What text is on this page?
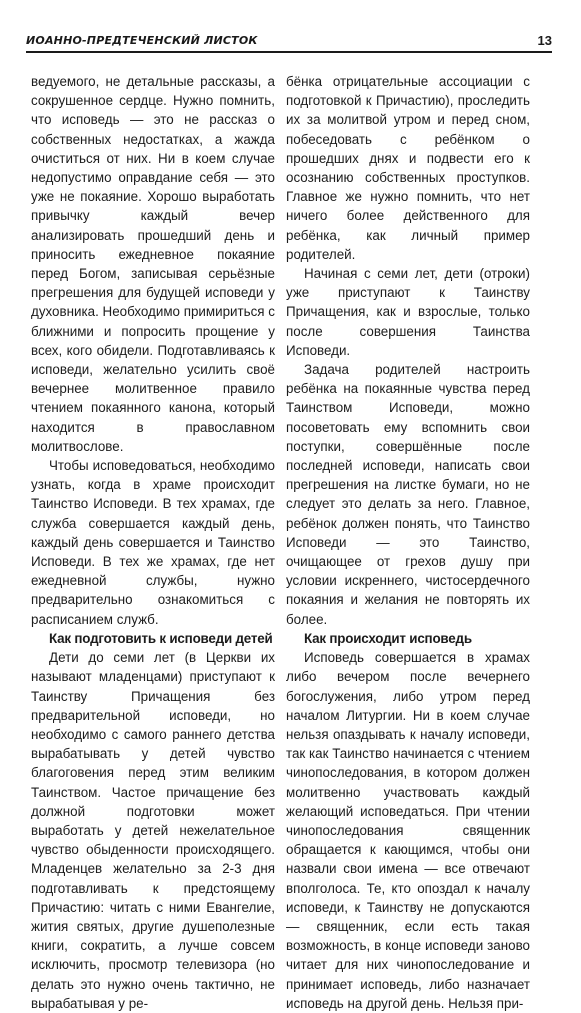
ИОАННО-ПРЕДТЕЧЕНСКИЙ ЛИСТОК	13

ведуемого, не детальные рассказы, а сокрушенное сердце. Нужно помнить, что исповедь — это не рассказ о собственных недостатках, а жажда очиститься от них. Ни в коем случае недопустимо оправдание себя — это уже не покаяние. Хорошо выработать привычку каждый вечер анализировать прошедший день и приносить ежедневное покаяние перед Богом, записывая серьёзные прегрешения для будущей исповеди у духовника. Необходимо примириться с ближними и попросить прощение у всех, кого обидели. Подготавливаясь к исповеди, желательно усилить своё вечернее молитвенное правило чтением покаянного канона, который находится в православном молитвослове.

Чтобы исповедоваться, необходимо узнать, когда в храме происходит Таинство Исповеди. В тех храмах, где служба совершается каждый день, каждый день совершается и Таинство Исповеди. В тех же храмах, где нет ежедневной службы, нужно предварительно ознакомиться с расписанием служб.

Как подготовить к исповеди детей

Дети до семи лет (в Церкви их называют младенцами) приступают к Таинству Причащения без предварительной исповеди, но необходимо с самого раннего детства вырабатывать у детей чувство благоговения перед этим великим Таинством. Частое причащение без должной подготовки может выработать у детей нежелательное чувство обыденности происходящего. Младенцев желательно за 2-3 дня подготавливать к предстоящему Причастию: читать с ними Евангелие, жития святых, другие душеполезные книги, сократить, а лучше совсем исключить, просмотр телевизора (но делать это нужно очень тактично, не вырабатывая у ре-

бёнка отрицательные ассоциации с подготовкой к Причастию), проследить их за молитвой утром и перед сном, побеседовать с ребёнком о прошедших днях и подвести его к осознанию собственных проступков. Главное же нужно помнить, что нет ничего более действенного для ребёнка, как личный пример родителей.

Начиная с семи лет, дети (отроки) уже приступают к Таинству Причащения, как и взрослые, только после совершения Таинства Исповеди.

Задача родителей настроить ребёнка на покаянные чувства перед Таинством Исповеди, можно посоветовать ему вспомнить свои поступки, совершённые после последней исповеди, написать свои прегрешения на листке бумаги, но не следует это делать за него. Главное, ребёнок должен понять, что Таинство Исповеди — это Таинство, очищающее от грехов душу при условии искреннего, чистосердечного покаяния и желания не повторять их более.

Как происходит исповедь

Исповедь совершается в храмах либо вечером после вечернего богослужения, либо утром перед началом Литургии. Ни в коем случае нельзя опаздывать к началу исповеди, так как Таинство начинается с чтением чинопоследования, в котором должен молитвенно участвовать каждый желающий исповедаться. При чтении чинопоследования священник обращается к кающимся, чтобы они назвали свои имена — все отвечают вполголоса. Те, кто опоздал к началу исповеди, к Таинству не допускаются — священник, если есть такая возможность, в конце исповеди заново читает для них чинопоследование и принимает исповедь, либо назначает исповедь на другой день. Нельзя при-
